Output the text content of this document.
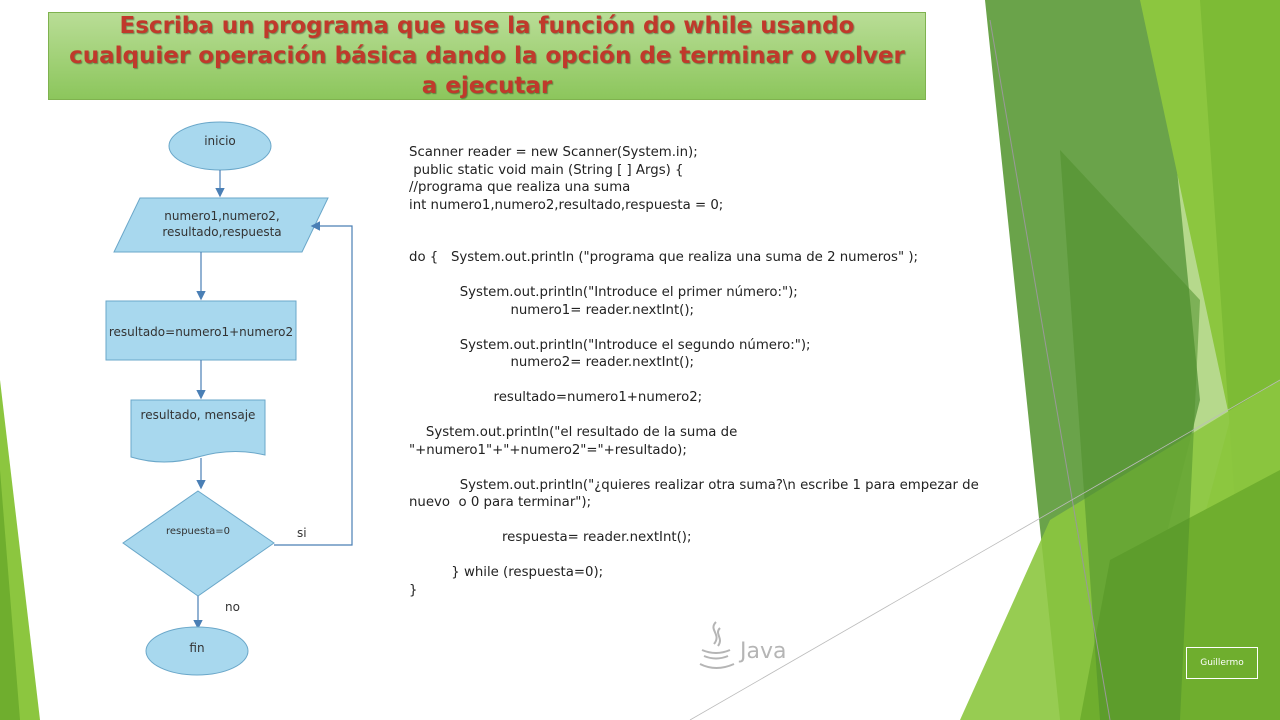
Escriba un programa que use la función do while usando cualquier operación básica dando la opción de terminar o volver a ejecutar

inicio
numero1,numero2,
resultado,respuesta
resultado=numero1+numero2
resultado, mensaje
respuesta=0	si
no
fin
Scanner reader = new Scanner(System.in);
public static void main (String [ ] Args) {
//programa que realiza una suma
int numero1,numero2,resultado,respuesta = 0;
do {   System.out.println ("programa que realiza una suma de 2 numeros" );
System.out.println("Introduce el primer número:");
numero1= reader.nextInt();
System.out.println("Introduce el segundo número:");
numero2= reader.nextInt();
resultado=numero1+numero2;
System.out.println("el resultado de la suma de
"+numero1"+"+numero2"="+resultado);
System.out.println("¿quieres realizar otra suma?\n escribe 1 para empezar de
nuevo  o 0 para terminar");
respuesta= reader.nextInt();
} while (respuesta=0);
}
Java	Guillermo
